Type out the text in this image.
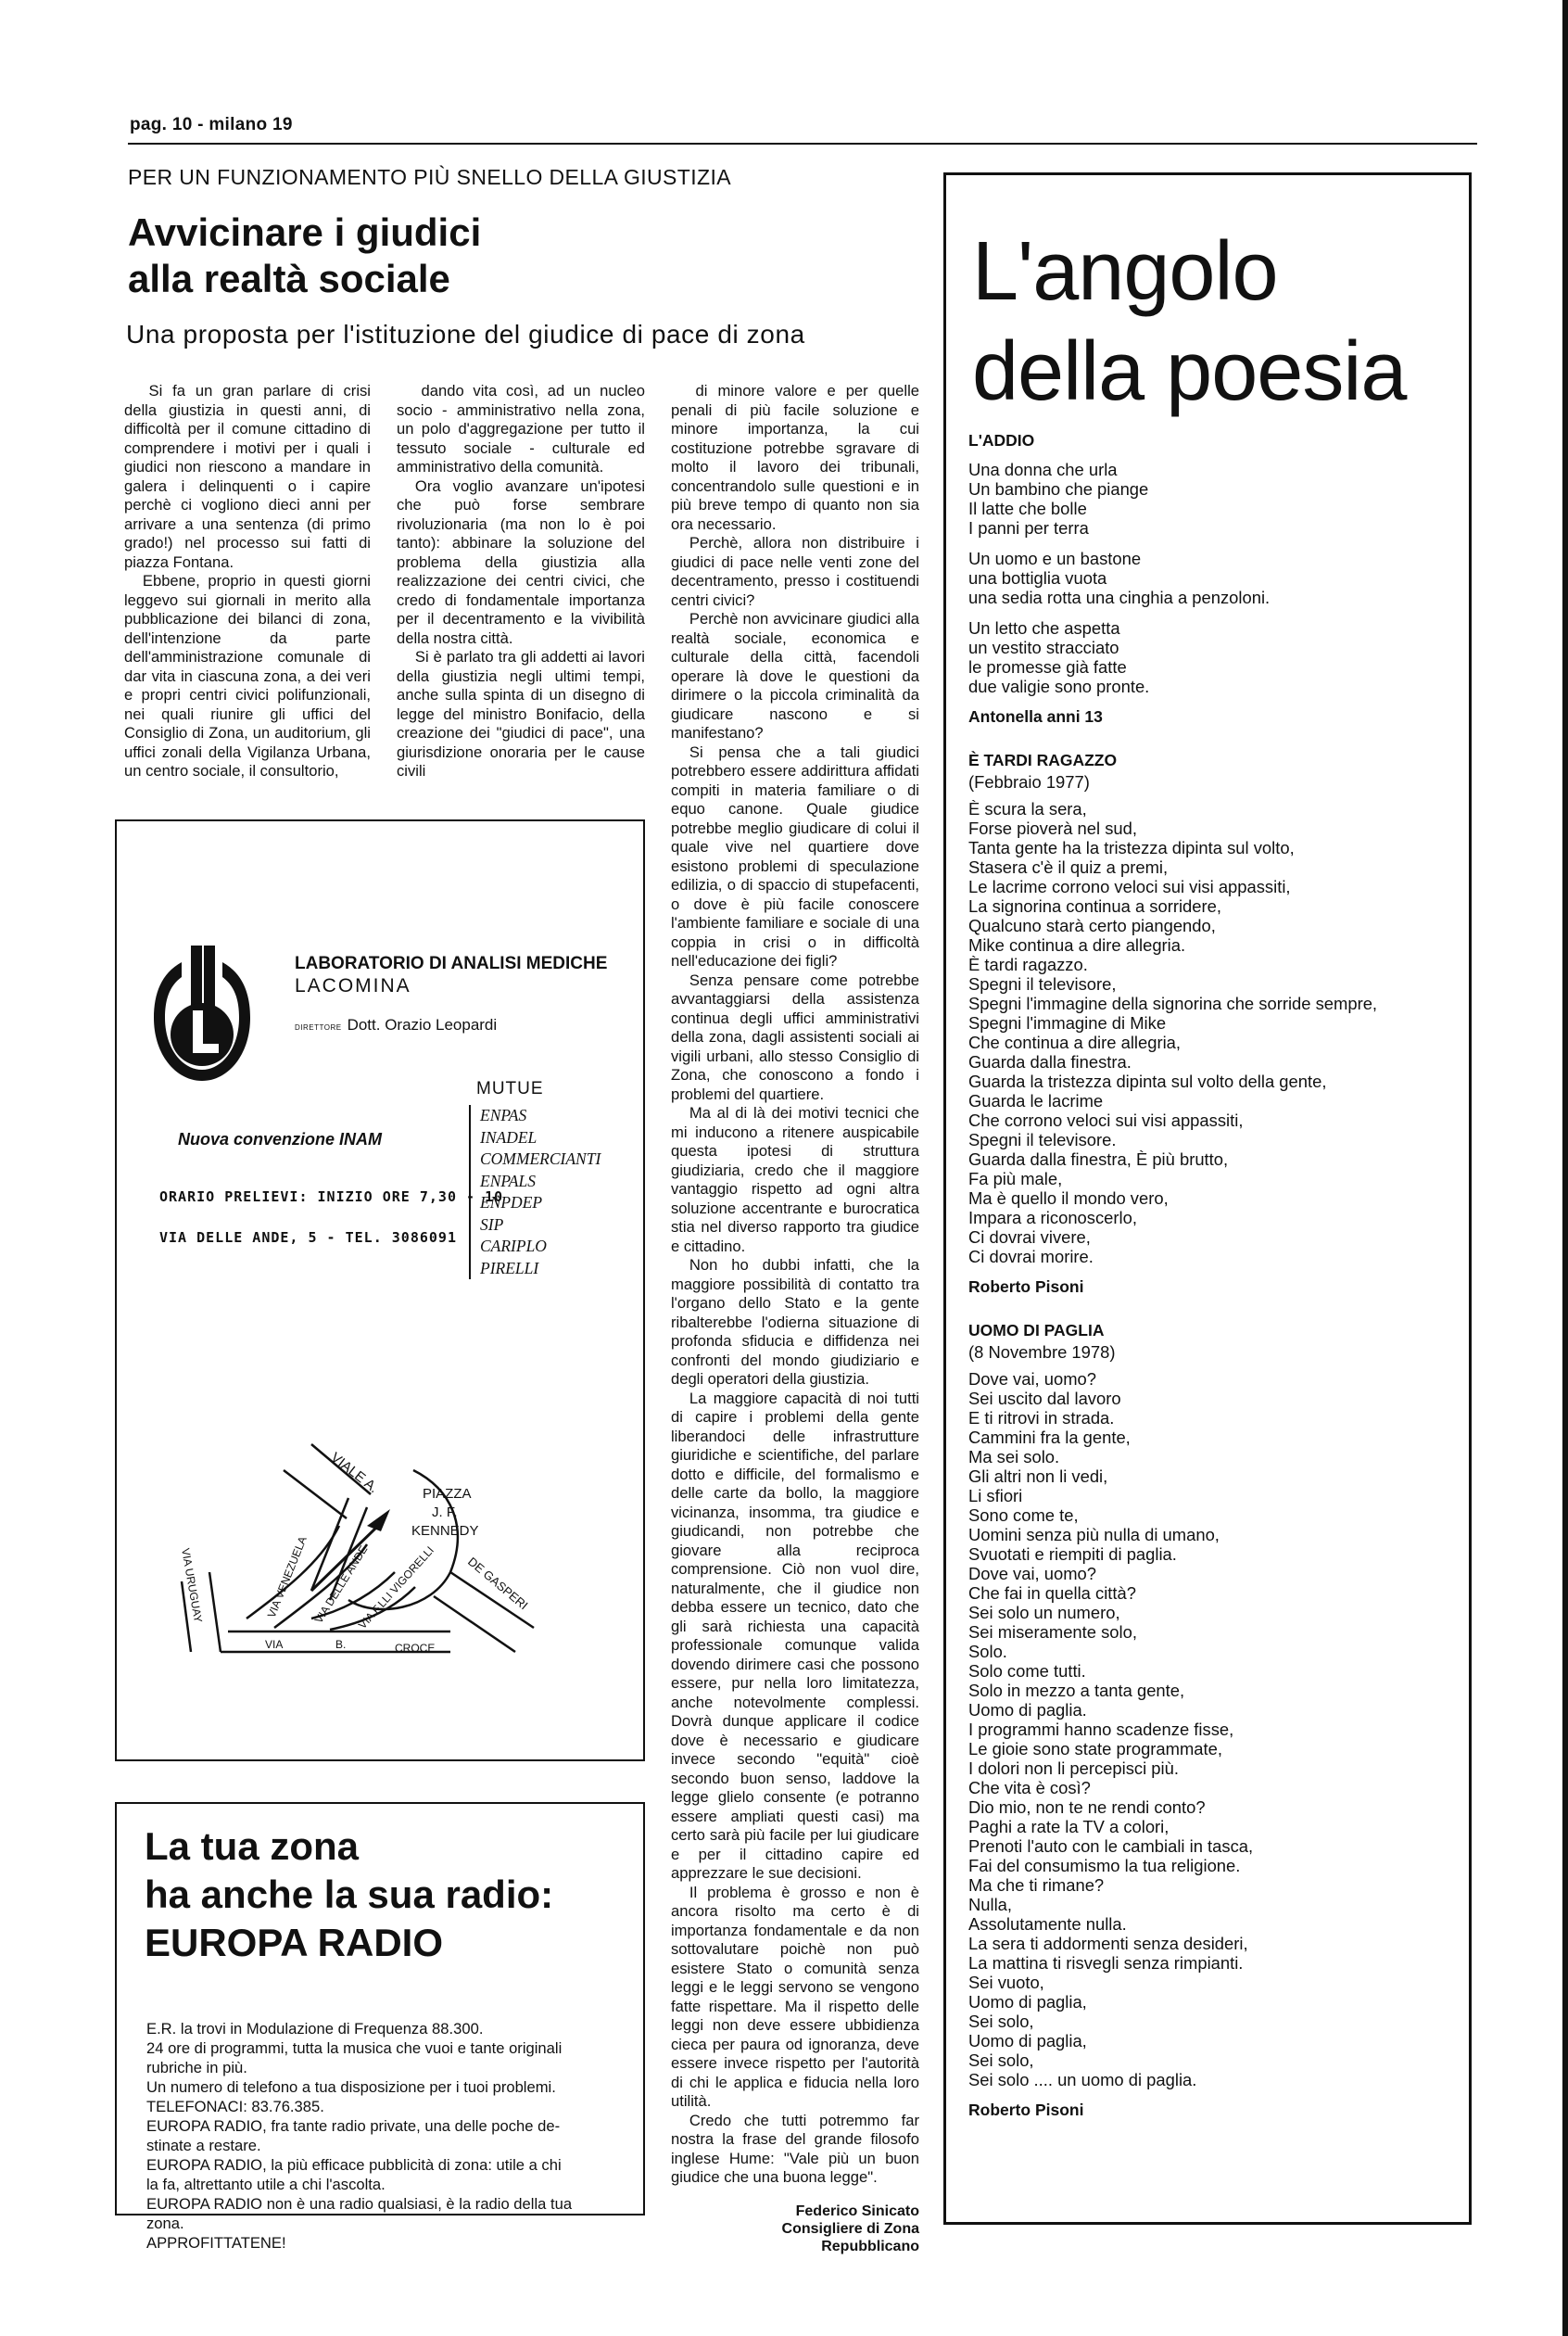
pag. 10 - milano 19
PER UN FUNZIONAMENTO PIÙ SNELLO DELLA GIUSTIZIA
Avvicinare i giudici
alla realtà sociale
Una proposta per l'istituzione del giudice di pace di zona

Si fa un gran parlare di crisi della giustizia in questi anni, di difficoltà per il comune cittadino di comprendere i motivi per i quali i giudici non riescono a mandare in galera i delinquenti o i capire perchè ci vogliono dieci anni per arrivare a una sentenza (di primo grado!) nel processo sui fatti di piazza Fontana.

Ebbene, proprio in questi giorni leggevo sui giornali in merito alla pubblicazione dei bilanci di zona, dell'intenzione da parte dell'amministrazione comunale di dar vita in ciascuna zona, a dei veri e propri centri civici polifunzionali, nei quali riunire gli uffici del Consiglio di Zona, un auditorium, gli uffici zonali della Vigilanza Urbana, un centro sociale, il consultorio,

dando vita così, ad un nucleo socio - amministrativo nella zona, un polo d'aggregazione per tutto il tessuto sociale - culturale ed amministrativo della comunità.

Ora voglio avanzare un'ipotesi che può forse sembrare rivoluzionaria (ma non lo è poi tanto): abbinare la soluzione del problema della giustizia alla realizzazione dei centri civici, che credo di fondamentale importanza per il decentramento e la vivibilità della nostra città.

Si è parlato tra gli addetti ai lavori della giustizia negli ultimi tempi, anche sulla spinta di un disegno di legge del ministro Bonifacio, della creazione dei "giudici di pace", una giurisdizione onoraria per le cause civili

di minore valore e per quelle penali di più facile soluzione e minore importanza, la cui costituzione potrebbe sgravare di molto il lavoro dei tribunali, concentrandolo sulle questioni e in più breve tempo di quanto non sia ora necessario.

Perchè, allora non distribuire i giudici di pace nelle venti zone del decentramento, presso i costituendi centri civici?

Perchè non avvicinare giudici alla realtà sociale, economica e culturale della città, facendoli operare là dove le questioni da dirimere o la piccola criminalità da giudicare nascono e si manifestano?

Si pensa che a tali giudici potrebbero essere addirittura affidati compiti in materia familiare o di equo canone. Quale giudice potrebbe meglio giudicare di colui il quale vive nel quartiere dove esistono problemi di speculazione edilizia, o di spaccio di stupefacenti, o dove è più facile conoscere l'ambiente familiare e sociale di una coppia in crisi o in difficoltà nell'educazione dei figli?

Senza pensare come potrebbe avvantaggiarsi della assistenza continua degli uffici amministrativi della zona, dagli assistenti sociali ai vigili urbani, allo stesso Consiglio di Zona, che conoscono a fondo i problemi del quartiere.

Ma al di là dei motivi tecnici che mi inducono a ritenere auspicabile questa ipotesi di struttura giudiziaria, credo che il maggiore vantaggio rispetto ad ogni altra soluzione accentrante e burocratica stia nel diverso rapporto tra giudice e cittadino.

Non ho dubbi infatti, che la maggiore possibilità di contatto tra l'organo dello Stato e la gente ribalterebbe l'odierna situazione di profonda sfiducia e diffidenza nei confronti del mondo giudiziario e degli operatori della giustizia.

La maggiore capacità di noi tutti di capire i problemi della gente liberandoci delle infrastrutture giuridiche e scientifiche, del parlare dotto e difficile, del formalismo e delle carte da bollo, la maggiore vicinanza, insomma, tra giudice e giudicandi, non potrebbe che giovare alla reciproca comprensione. Ciò non vuol dire, naturalmente, che il giudice non debba essere un tecnico, dato che gli sarà richiesta una capacità professionale comunque valida dovendo dirimere casi che possono essere, pur nella loro limitatezza, anche notevolmente complessi. Dovrà dunque applicare il codice dove è necessario e giudicare invece secondo "equità" cioè secondo buon senso, laddove la legge glielo consente (e potranno essere ampliati questi casi) ma certo sarà più facile per lui giudicare e per il cittadino capire ed apprezzare le sue decisioni.

Il problema è grosso e non è ancora risolto ma certo è di importanza fondamentale e da non sottovalutare poichè non può esistere Stato o comunità senza leggi e le leggi servono se vengono fatte rispettare. Ma il rispetto delle leggi non deve essere ubbidienza cieca per paura od ignoranza, deve essere invece rispetto per l'autorità di chi le applica e fiducia nella loro utilità.

Credo che tutti potremmo far nostra la frase del grande filosofo inglese Hume: "Vale più un buon giudice che una buona legge".

Federico Sinicato
Consigliere di Zona
Repubblicano
LABORATORIO DI ANALISI MEDICHE
LACOMINA
DIRETTORE Dott. Orazio Leopardi
MUTUE
ENPAS
INADEL
COMMERCIANTI
ENPALS
ENPDEP
SIP
CARIPLO
PIRELLI
Nuova convenzione INAM
ORARIO PRELIEVI: INIZIO ORE 7,30 - 10
VIA DELLE ANDE, 5 - TEL. 3086091
PIAZZA
J. F.
KENNEDY
VIALE A.
VIA VENEZUELA VIA DELLE ANDE
VIA URUGUAY	VIA F.LLI VIGORELLI DE GASPERI
VIA	B.	CROCE
La tua zona
ha anche la sua radio:
EUROPA RADIO
E.R. la trovi in Modulazione di Frequenza 88.300.
24 ore di programmi, tutta la musica che vuoi e tante originali
rubriche in più.
Un numero di telefono a tua disposizione per i tuoi problemi.
TELEFONACI: 83.76.385.
EUROPA RADIO, fra tante radio private, una delle poche de-
stinate a restare.
EUROPA RADIO, la più efficace pubblicità di zona: utile a chi
la fa, altrettanto utile a chi l'ascolta.
EUROPA RADIO non è una radio qualsiasi, è la radio della tua
zona.
APPROFITTATENE!
L'angolo
della poesia
L'ADDIO
Una donna che urla
Un bambino che piange
Il latte che bolle
I panni per terra
Un uomo e un bastone
una bottiglia vuota
una sedia rotta una cinghia a penzoloni.
Un letto che aspetta
un vestito stracciato
le promesse già fatte
due valigie sono pronte.
Antonella anni 13
È TARDI RAGAZZO
(Febbraio 1977)
È scura la sera,
Forse pioverà nel sud,
Tanta gente ha la tristezza dipinta sul volto,
Stasera c'è il quiz a premi,
Le lacrime corrono veloci sui visi appassiti,
La signorina continua a sorridere,
Qualcuno starà certo piangendo,
Mike continua a dire allegria.
È tardi ragazzo.
Spegni il televisore,
Spegni l'immagine della signorina che sorride sempre,
Spegni l'immagine di Mike
Che continua a dire allegria,
Guarda dalla finestra.
Guarda la tristezza dipinta sul volto della gente,
Guarda le lacrime
Che corrono veloci sui visi appassiti,
Spegni il televisore.
Guarda dalla finestra, È più brutto,
Fa più male,
Ma è quello il mondo vero,
Impara a riconoscerlo,
Ci dovrai vivere,
Ci dovrai morire.
Roberto Pisoni
UOMO DI PAGLIA
(8 Novembre 1978)
Dove vai, uomo?
Sei uscito dal lavoro
E ti ritrovi in strada.
Cammini fra la gente,
Ma sei solo.
Gli altri non li vedi,
Li sfiori
Sono come te,
Uomini senza più nulla di umano,
Svuotati e riempiti di paglia.
Dove vai, uomo?
Che fai in quella città?
Sei solo un numero,
Sei miseramente solo,
Solo.
Solo come tutti.
Solo in mezzo a tanta gente,
Uomo di paglia.
I programmi hanno scadenze fisse,
Le gioie sono state programmate,
I dolori non li percepisci più.
Che vita è così?
Dio mio, non te ne rendi conto?
Paghi a rate la TV a colori,
Prenoti l'auto con le cambiali in tasca,
Fai del consumismo la tua religione.
Ma che ti rimane?
Nulla,
Assolutamente nulla.
La sera ti addormenti senza desideri,
La mattina ti risvegli senza rimpianti.
Sei vuoto,
Uomo di paglia,
Sei solo,
Uomo di paglia,
Sei solo,
Sei solo .... un uomo di paglia.
Roberto Pisoni
